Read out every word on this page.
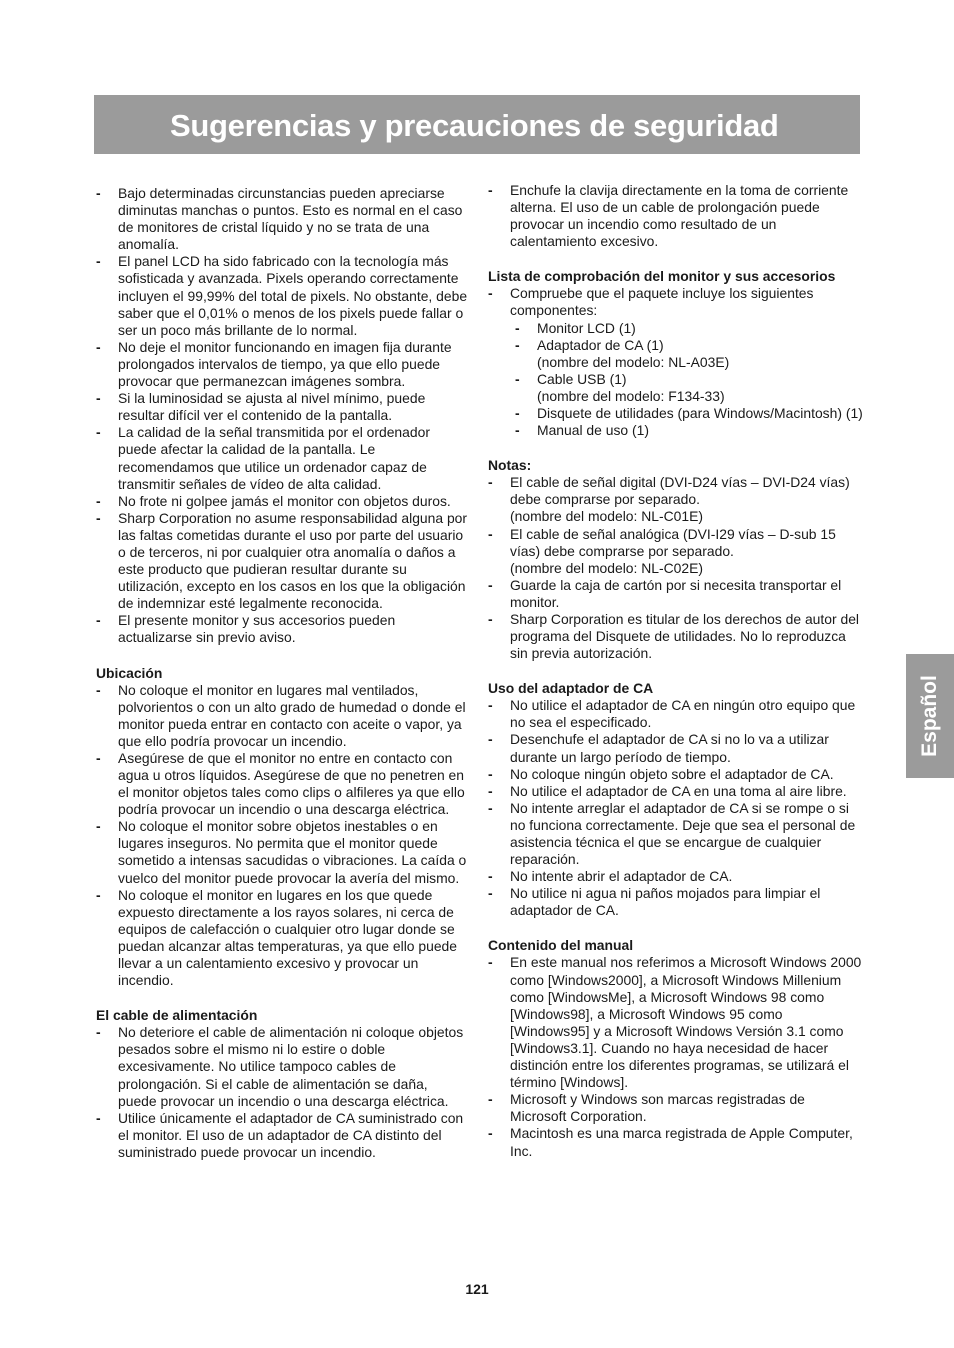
Sugerencias y precauciones de seguridad
Español
- Bajo determinadas circunstancias pueden apreciarse diminutas manchas o puntos. Esto es normal en el caso de monitores de cristal líquido y no se trata de una anomalía.
- El panel LCD ha sido fabricado con la tecnología más sofisticada y avanzada. Pixels operando correctamente incluyen el 99,99% del total de pixels. No obstante, debe saber que el 0,01% o menos de los pixels puede fallar o ser un poco más brillante de lo normal.
- No deje el monitor funcionando en imagen fija durante prolongados intervalos de tiempo, ya que ello puede provocar que permanezcan imágenes sombra.
- Si la luminosidad se ajusta al nivel mínimo, puede resultar difícil ver el contenido de la pantalla.
- La calidad de la señal transmitida por el ordenador puede afectar la calidad de la pantalla. Le recomendamos que utilice un ordenador capaz de transmitir señales de vídeo de alta calidad.
- No frote ni golpee jamás el monitor con objetos duros.
- Sharp Corporation no asume responsabilidad alguna por las faltas cometidas durante el uso por parte del usuario o de terceros, ni por cualquier otra anomalía o daños a este producto que pudieran resultar durante su utilización, excepto en los casos en los que la obligación de indemnizar esté legalmente reconocida.
- El presente monitor y sus accesorios pueden actualizarse sin previo aviso.
Ubicación
- No coloque el monitor en lugares mal ventilados, polvorientos o con un alto grado de humedad o donde el monitor pueda entrar en contacto con aceite o vapor, ya que ello podría provocar un incendio.
- Asegúrese de que el monitor no entre en contacto con agua u otros líquidos. Asegúrese de que no penetren en el monitor objetos tales como clips o alfileres ya que ello podría provocar un incendio o una descarga eléctrica.
- No coloque el monitor sobre objetos inestables o en lugares inseguros. No permita que el monitor quede sometido a intensas sacudidas o vibraciones. La caída o vuelco del monitor puede provocar la avería del mismo.
- No coloque el monitor en lugares en los que quede expuesto directamente a los rayos solares, ni cerca de equipos de calefacción o cualquier otro lugar donde se puedan alcanzar altas temperaturas, ya que ello puede llevar a un calentamiento excesivo y provocar un incendio.
El cable de alimentación
- No deteriore el cable de alimentación ni coloque objetos pesados sobre el mismo ni lo estire o doble excesivamente. No utilice tampoco cables de prolongación. Si el cable de alimentación se daña, puede provocar un incendio o una descarga eléctrica.
- Utilice únicamente el adaptador de CA suministrado con el monitor. El uso de un adaptador de CA distinto del suministrado puede provocar un incendio.
- Enchufe la clavija directamente en la toma de corriente alterna. El uso de un cable de prolongación puede provocar un incendio como resultado de un calentamiento excesivo.
Lista de comprobación del monitor y sus accesorios
- Compruebe que el paquete incluye los siguientes componentes:
- Monitor LCD (1)
- Adaptador de CA (1)
(nombre del modelo: NL-A03E)
- Cable USB (1)
(nombre del modelo: F134-33)
- Disquete de utilidades (para Windows/Macintosh) (1)
- Manual de uso (1)
Notas:
- El cable de señal digital (DVI-D24 vías – DVI-D24 vías) debe comprarse por separado.
(nombre del modelo: NL-C01E)
- El cable de señal analógica (DVI-I29 vías – D-sub 15 vías) debe comprarse por separado.
(nombre del modelo: NL-C02E)
- Guarde la caja de cartón por si necesita transportar el monitor.
- Sharp Corporation es titular de los derechos de autor del programa del Disquete de utilidades. No lo reproduzca sin previa autorización.
Uso del adaptador de CA
- No utilice el adaptador de CA en ningún otro equipo que no sea el especificado.
- Desenchufe el adaptador de CA si no lo va a utilizar durante un largo período de tiempo.
- No coloque ningún objeto sobre el adaptador de CA.
- No utilice el adaptador de CA en una toma al aire libre.
- No intente arreglar el adaptador de CA si se rompe o si no funciona correctamente. Deje que sea el personal de asistencia técnica el que se encargue de cualquier reparación.
- No intente abrir el adaptador de CA.
- No utilice ni agua ni paños mojados para limpiar el adaptador de CA.
Contenido del manual
- En este manual nos referimos a Microsoft Windows 2000 como [Windows2000], a Microsoft Windows Millenium como [WindowsMe], a Microsoft Windows 98 como [Windows98], a Microsoft Windows 95 como [Windows95] y a Microsoft Windows Versión 3.1 como [Windows3.1]. Cuando no haya necesidad de hacer distinción entre los diferentes programas, se utilizará el término [Windows].
- Microsoft y Windows son marcas registradas de Microsoft Corporation.
- Macintosh es una marca registrada de Apple Computer, Inc.
121
